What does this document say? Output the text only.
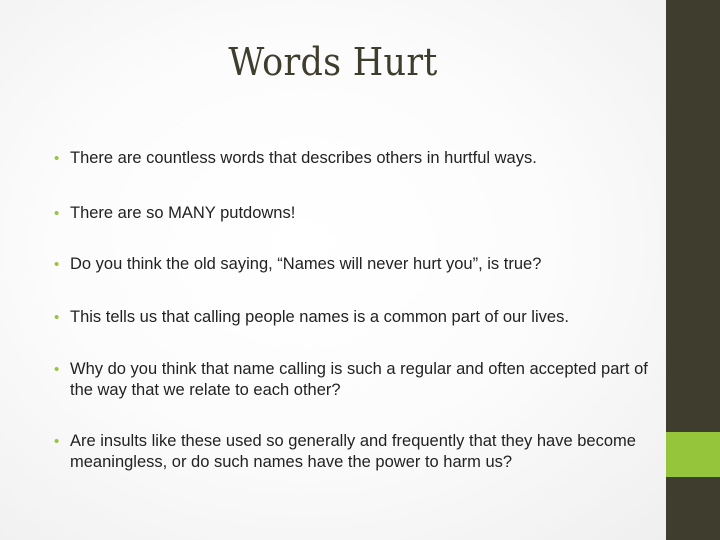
Words Hurt
• There are countless words that describes others in hurtful ways.
• There are so MANY putdowns!
• Do you think the old saying, “Names will never hurt you”, is true?
• This tells us that calling people names is a common part of our lives.
• Why do you think that name calling is such a regular and often accepted part of the way that we relate to each other?
• Are insults like these used so generally and frequently that they have become meaningless, or do such names have the power to harm us?
